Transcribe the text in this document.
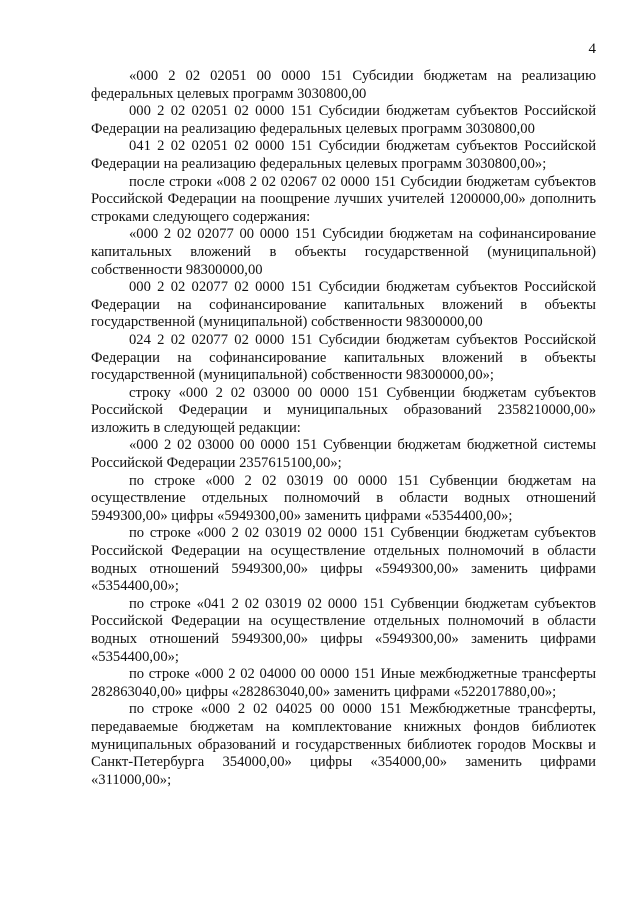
4

«000 2 02 02051 00 0000 151 Субсидии бюджетам на реализацию федеральных целевых программ 3030800,00

000 2 02 02051 02 0000 151 Субсидии бюджетам субъектов Российской Федерации на реализацию федеральных целевых программ 3030800,00

041 2 02 02051 02 0000 151 Субсидии бюджетам субъектов Российской Федерации на реализацию федеральных целевых программ 3030800,00»;

после строки «008 2 02 02067 02 0000 151 Субсидии бюджетам субъектов Российской Федерации на поощрение лучших учителей 1200000,00» дополнить строками следующего содержания:

«000 2 02 02077 00 0000 151 Субсидии бюджетам на софинансирование капитальных вложений в объекты государственной (муниципальной) собственности 98300000,00

000 2 02 02077 02 0000 151 Субсидии бюджетам субъектов Российской Федерации на софинансирование капитальных вложений в объекты государственной (муниципальной) собственности 98300000,00

024 2 02 02077 02 0000 151 Субсидии бюджетам субъектов Российской Федерации на софинансирование капитальных вложений в объекты государственной (муниципальной) собственности 98300000,00»;

строку «000 2 02 03000 00 0000 151 Субвенции бюджетам субъектов Российской Федерации и муниципальных образований 2358210000,00» изложить в следующей редакции:

«000 2 02 03000 00 0000 151 Субвенции бюджетам бюджетной системы Российской Федерации 2357615100,00»;

по строке «000 2 02 03019 00 0000 151 Субвенции бюджетам на осуществление отдельных полномочий в области водных отношений 5949300,00» цифры «5949300,00» заменить цифрами «5354400,00»;

по строке «000 2 02 03019 02 0000 151 Субвенции бюджетам субъектов Российской Федерации на осуществление отдельных полномочий в области водных отношений 5949300,00» цифры «5949300,00» заменить цифрами «5354400,00»;

по строке «041 2 02 03019 02 0000 151 Субвенции бюджетам субъектов Российской Федерации на осуществление отдельных полномочий в области водных отношений 5949300,00» цифры «5949300,00» заменить цифрами «5354400,00»;

по строке «000 2 02 04000 00 0000 151 Иные межбюджетные трансферты 282863040,00» цифры «282863040,00» заменить цифрами «522017880,00»;

по строке «000 2 02 04025 00 0000 151 Межбюджетные трансферты, передаваемые бюджетам на комплектование книжных фондов библиотек муниципальных образований и государственных библиотек городов Москвы и Санкт-Петербурга 354000,00» цифры «354000,00» заменить цифрами «311000,00»;
